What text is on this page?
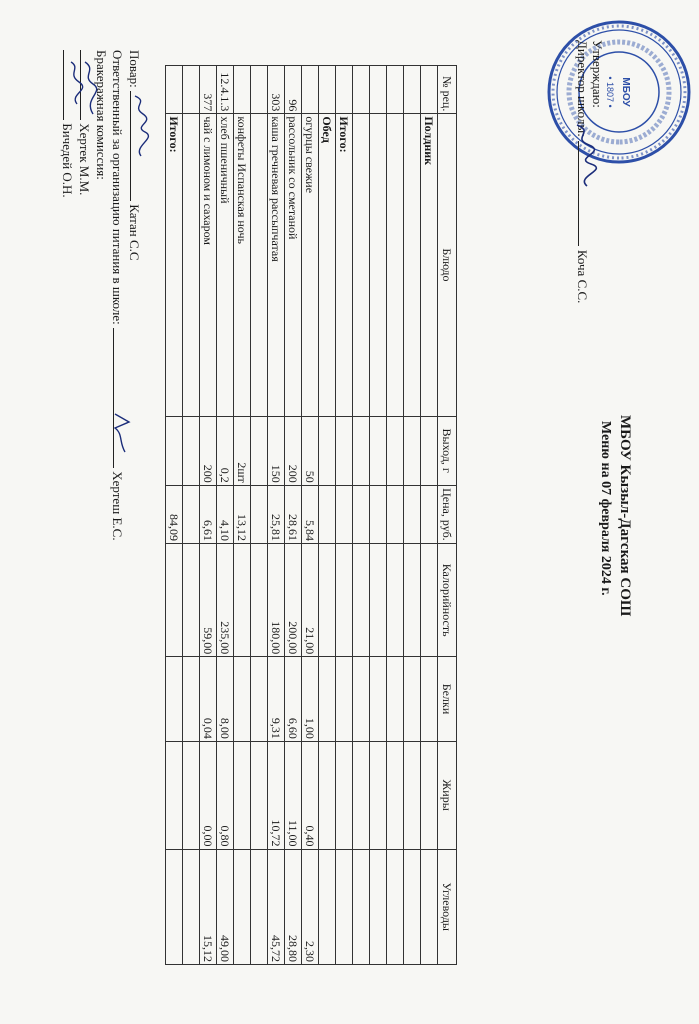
МБОУ
• 1807 •
Утверждаю:
Директор школы:Коча С.С.
МБОУ Кызыл-Дагская СОШ
Меню на 07 февраля 2024 г.
№ рец.	Блюдо	Выход, г	Цена, руб.	Калорийность	Белки	Жиры	Углеводы
	Полдник						

	Итого:						
	Обед						
	огурцы свежие	50	5,84	21,00	1,00	0,40	2,30
96	рассольник со сметаной	200	28,61	200,00	6,60	11,00	28,80
303	каша гречневая рассыпчатая	150	25,81	180,00	9,31	10,72	45,72

	конфеты Испанская ночь	2шт	13,12				
12.4.1.3	хлеб пшеничный	0,2	4,10	235,00	8,00	0,80	49,00
377	чай с лимоном и сахаром	200	6,61	59,00	0,04	0,00	15,12

	Итого:		84,09				
Повар:  Катан С.С
Ответственный за организацию питания в школе:  Хертеш Е.С.
Бракеражная комиссия:
Хертек М.М.
Бичедей О.Н.
